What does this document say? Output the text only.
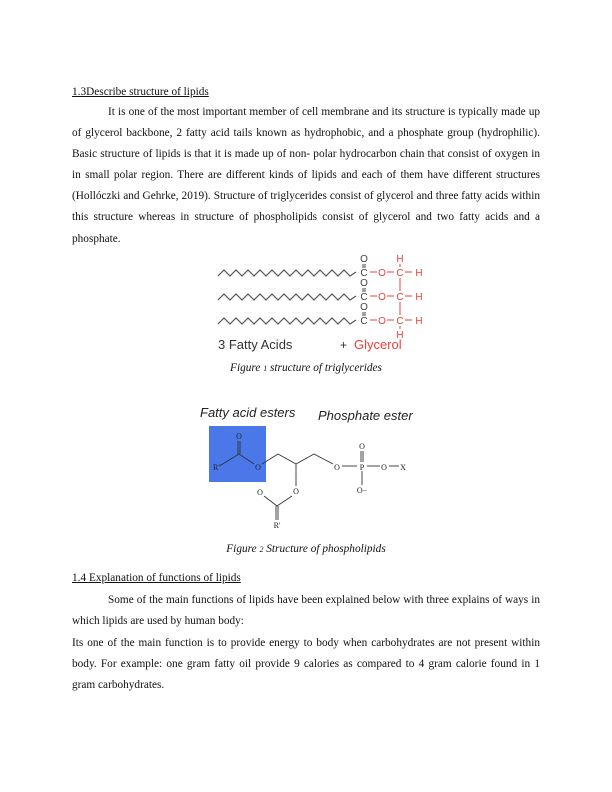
1.3Describe structure of lipids
It is one of the most important member of cell membrane and its structure is typically made up of glycerol backbone, 2 fatty acid tails known as hydrophobic, and a phosphate group (hydrophilic). Basic structure of lipids is that it is made up of non- polar hydrocarbon chain that consist of oxygen in in small polar region. There are different kinds of lipids and each of them have different structures (Hollóczki and Gehrke, 2019). Structure of triglycerides consist of glycerol and three fatty acids within this structure whereas in structure of phospholipids consist of glycerol and two fatty acids and a phosphate.
O
C
O
C
O
C
O C H
H
O C H
O C H
H
3 Fatty Acids	+ Glycerol
Figure 1 structure of triglycerides
Fatty acid esters Phosphate ester
R''
O
O
O
O
R'
O
O
P O X
O−
Figure 2 Structure of phospholipids
1.4 Explanation of functions of lipids
Some of the main functions of lipids have been explained below with three explains of ways in which lipids are used by human body:
Its one of the main function is to provide energy to body when carbohydrates are not present within body. For example: one gram fatty oil provide 9 calories as compared to 4 gram calorie found in 1 gram carbohydrates.
